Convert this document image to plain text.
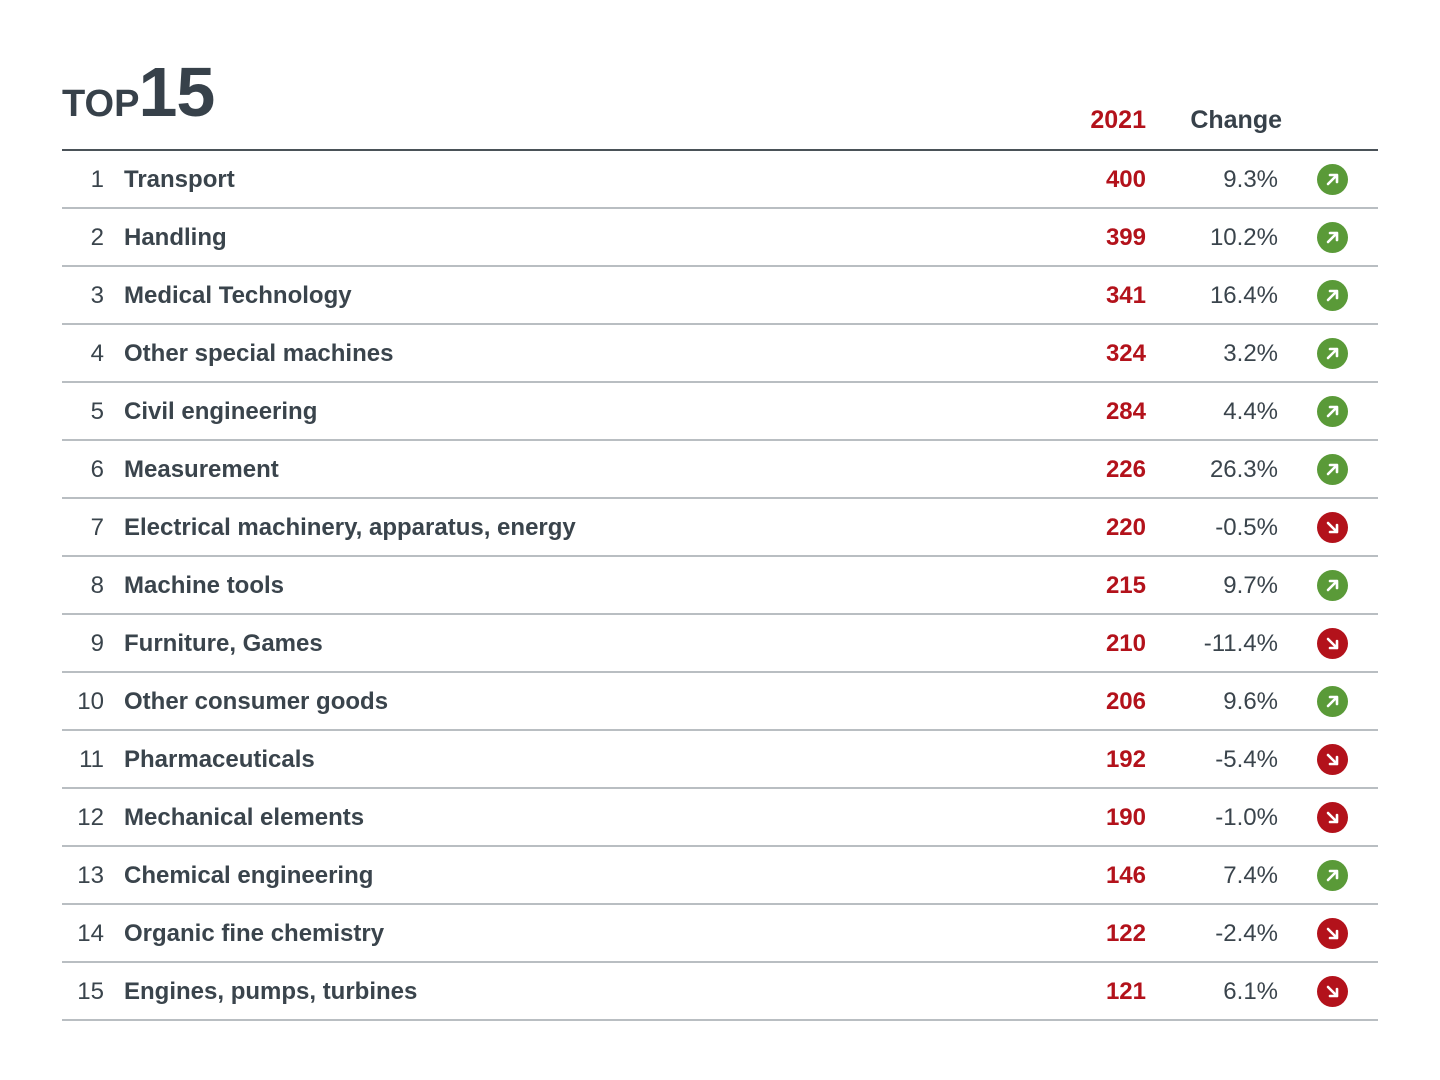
TOP15	2021 Change
1 Transport	400	9.3%
2 Handling	399	10.2%
3 Medical Technology	341	16.4%
4 Other special machines	324	3.2%
5 Civil engineering	284	4.4%
6 Measurement	226	26.3%
7 Electrical machinery, apparatus, energy	220	-0.5%
8 Machine tools	215	9.7%
9 Furniture, Games	210 -11.4%
10 Other consumer goods	206	9.6%
11 Pharmaceuticals	192	-5.4%
12 Mechanical elements	190	-1.0%
13 Chemical engineering	146	7.4%
14 Organic fine chemistry	122	-2.4%
15 Engines, pumps, turbines	121	6.1%
